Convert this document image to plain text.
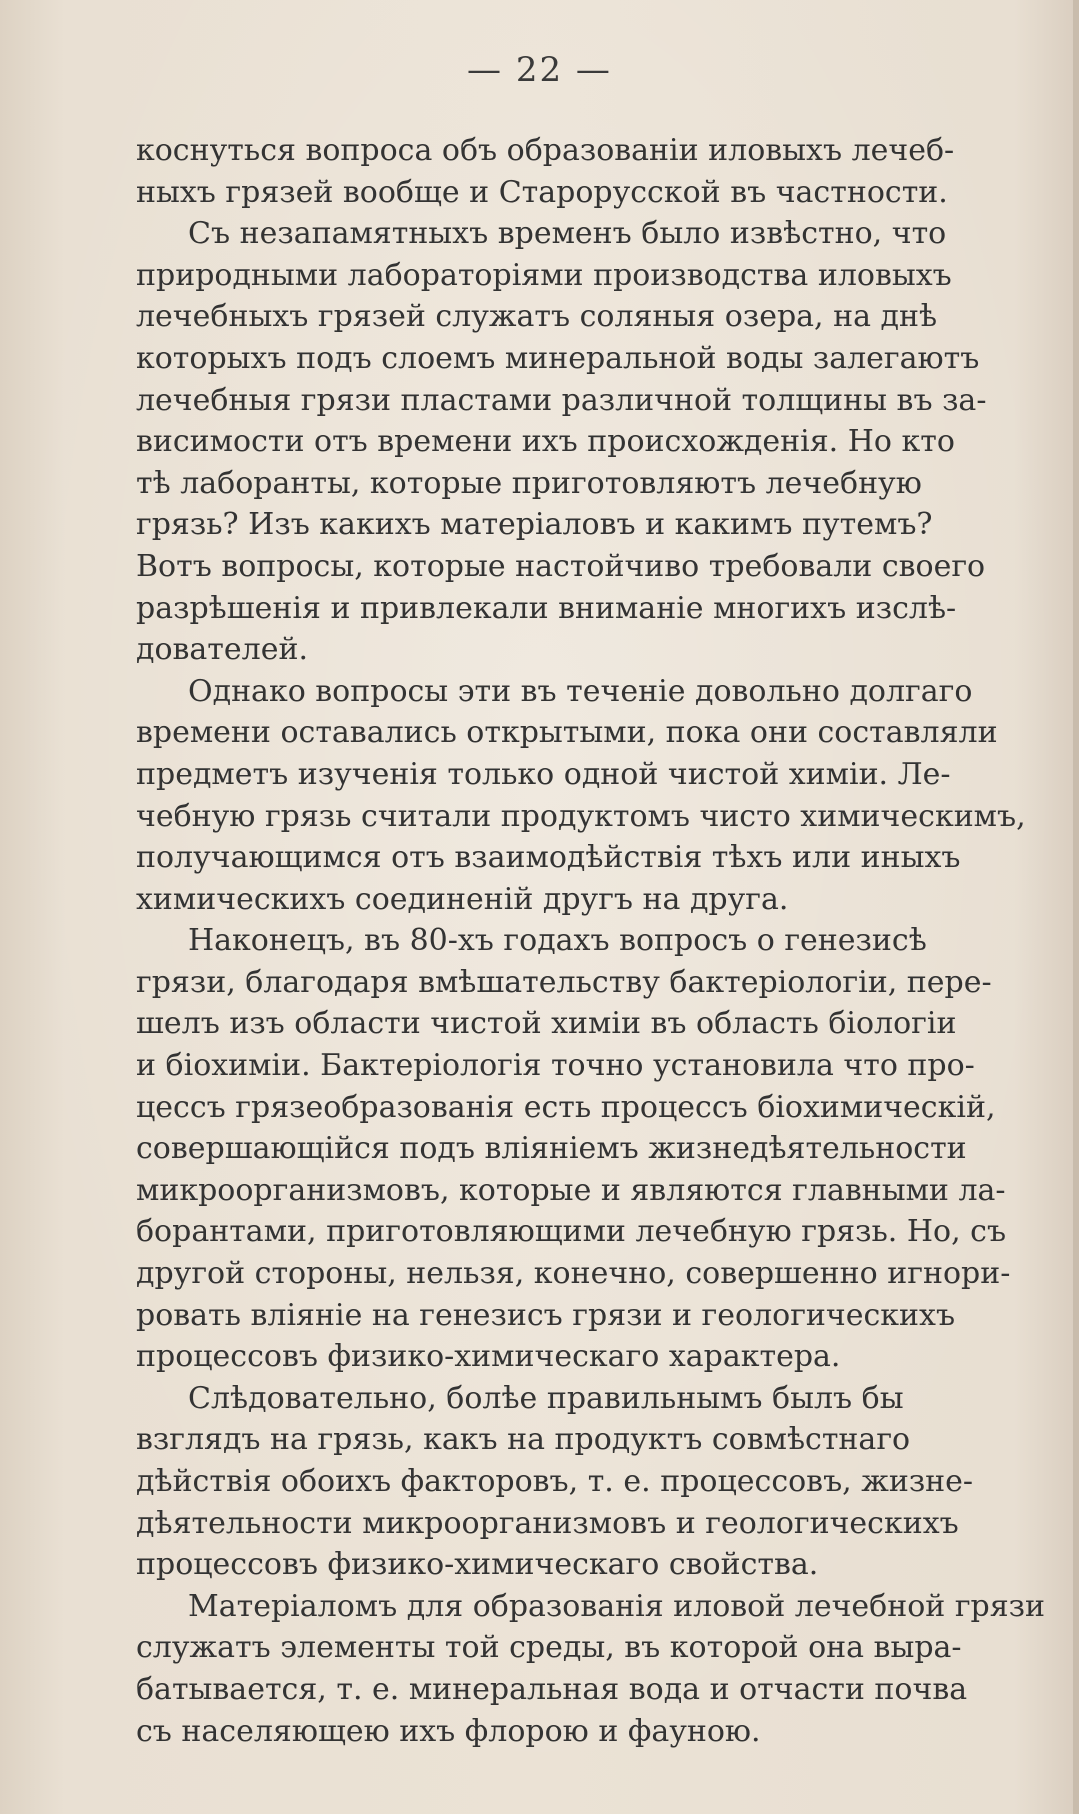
— 22 —
коснуться вопроса объ образованіи иловыхъ лечеб-
ныхъ грязей вообще и Старорусской въ частности.
Съ незапамятныхъ временъ было извѣстно, что
природными лабораторіями производства иловыхъ
лечебныхъ грязей служатъ соляныя озера, на днѣ
которыхъ подъ слоемъ минеральной воды залегаютъ
лечебныя грязи пластами различной толщины въ за-
висимости отъ времени ихъ происхожденія. Но кто
тѣ лаборанты, которые приготовляютъ лечебную
грязь? Изъ какихъ матеріаловъ и какимъ путемъ?
Вотъ вопросы, которые настойчиво требовали своего
разрѣшенія и привлекали вниманіе многихъ изслѣ-
дователей.
Однако вопросы эти въ теченіе довольно долгаго
времени оставались открытыми, пока они составляли
предметъ изученія только одной чистой химіи. Ле-
чебную грязь считали продуктомъ чисто химическимъ,
получающимся отъ взаимодѣйствія тѣхъ или иныхъ
химическихъ соединеній другъ на друга.
Наконецъ, въ 80-хъ годахъ вопросъ о генезисѣ
грязи, благодаря вмѣшательству бактеріологіи, пере-
шелъ изъ области чистой химіи въ область біологіи
и біохиміи. Бактеріологія точно установила что про-
цессъ грязеобразованія есть процессъ біохимическій,
совершающійся подъ вліяніемъ жизнедѣятельности
микроорганизмовъ, которые и являются главными ла-
борантами, приготовляющими лечебную грязь. Но, съ
другой стороны, нельзя, конечно, совершенно игнори-
ровать вліяніе на генезисъ грязи и геологическихъ
процессовъ физико-химическаго характера.
Слѣдовательно, болѣе правильнымъ былъ бы
взглядъ на грязь, какъ на продуктъ совмѣстнаго
дѣйствія обоихъ факторовъ, т. е. процессовъ, жизне-
дѣятельности микроорганизмовъ и геологическихъ
процессовъ физико-химическаго свойства.
Матеріаломъ для образованія иловой лечебной грязи
служатъ элементы той среды, въ которой она выра-
батывается, т. е. минеральная вода и отчасти почва
съ населяющею ихъ флорою и фауною.
